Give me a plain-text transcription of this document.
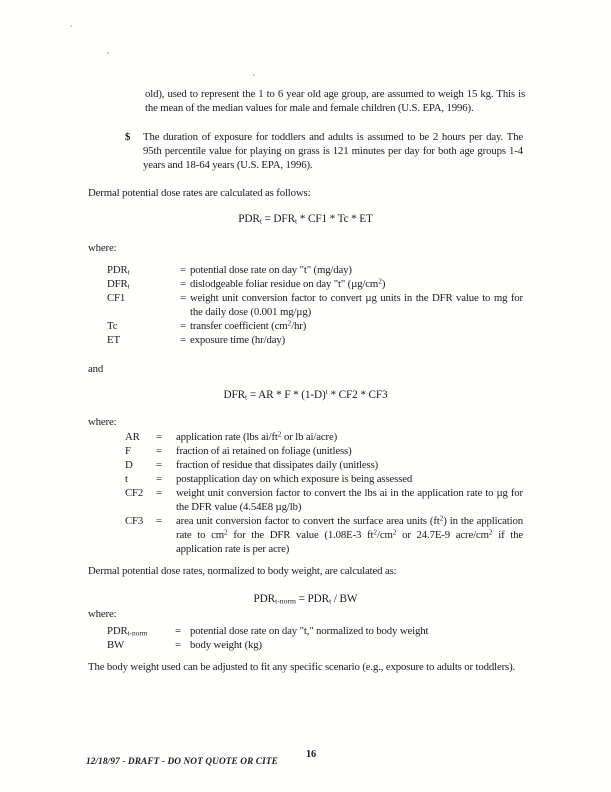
old), used to represent the 1 to 6 year old age group, are assumed to weigh 15 kg. This is the mean of the median values for male and female children (U.S. EPA, 1996).

$ The duration of exposure for toddlers and adults is assumed to be 2 hours per day. The 95th percentile value for playing on grass is 121 minutes per day for both age groups 1-4 years and 18-64 years (U.S. EPA, 1996).

Dermal potential dose rates are calculated as follows:

$PDR_t = DFR_t * CF1 * Tc$ * ET

where:

$PDR_t$	= potential dose rate on day "t" (mg/day)
$DFR_t$	= dislodgeable foliar residue on day "t" $(\mu g/cm^2)$
CF1	= weight unit conversion factor to convert µg units in the DFR value to mg for the daily dose (0.001 mg/µg)
Tc	= transfer coefficient $(cm^2/hr)$
ET	= exposure time (hr/day)

and

$DFR_t$ = AR * F * $(1-D)^t * CF2 * CF3$

where:

AR	=	application rate (lbs $ai/ft^2$ or lb ai/acre)
F	=	fraction of ai retained on foliage (unitless)
D	=	fraction of residue that dissipates daily (unitless)
t	=	postapplication day on which exposure is being assessed
CF2	=	weight unit conversion factor to convert the lbs ai in the application rate to µg for the DFR value (4.54E8 µg/lb)
CF3	=	area unit conversion factor to convert the surface area units $(ft^2)$ in the application rate to $cm^2$ for the DFR value (1.08E-3 $ft^2/cm^2$ or 24.7E-9 acre/$cm^2$ if the application rate is per acre)

Dermal potential dose rates, normalized to body weight, are calculated as:

$PDR_{t-norm} = PDR_t$ / BW

where:

$PDR_{t-norm}$	= potential dose rate on day "t," normalized to body weight
BW	= body weight (kg)

The body weight used can be adjusted to fit any specific scenario (e.g., exposure to adults or toddlers).

12/18/97 - DRAFT - DO NOT QUOTE OR CITE
16
